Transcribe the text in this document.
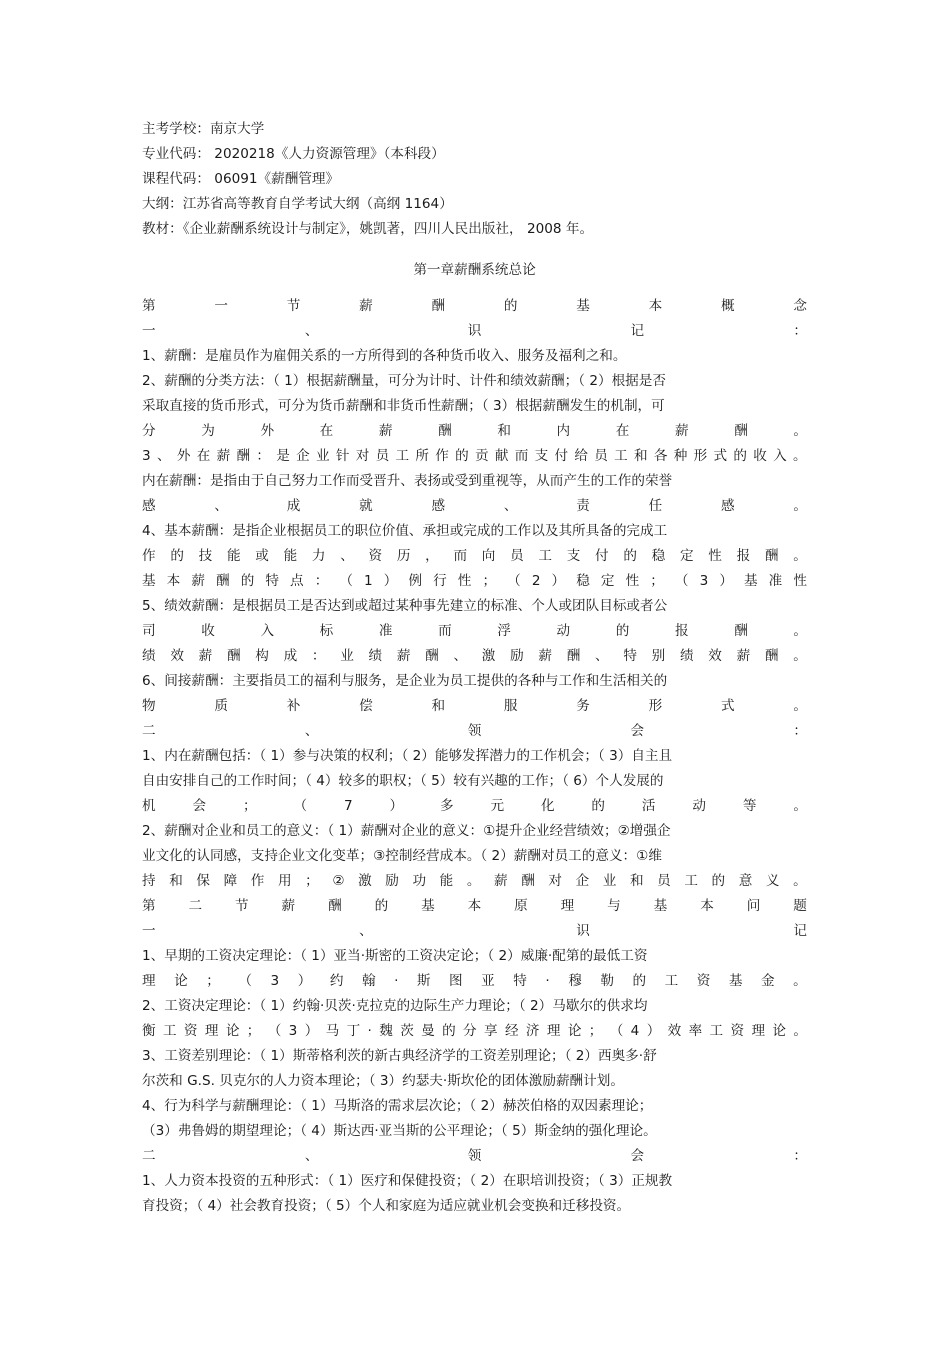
主考学校：南京大学
专业代码： 2020218《人力资源管理》（本科段）
课程代码： 06091《薪酬管理》
大纲：江苏省高等教育自学考试大纲（高纲 1164）
教材：《企业薪酬系统设计与制定》，姚凯著，四川人民出版社， 2008 年。
第一章薪酬系统总论
第	一	节	薪	酬	的	基	本	概	念
一	、	识	记	：
1、薪酬：是雇员作为雇佣关系的一方所得到的各种货币收入、服务及福利之和。
2、薪酬的分类方法：（ 1）根据薪酬量，可分为计时、计件和绩效薪酬；（ 2）根据是否
采取直接的货币形式，可分为货币薪酬和非货币性薪酬；（ 3）根据薪酬发生的机制，可
分	为	外	在	薪	酬	和	内	在	薪	酬	。
3 、 外 在 薪 酬 ： 是 企 业 针 对 员 工 所 作 的 贡 献 而 支 付 给 员 工 和 各 种 形 式 的 收 入 。
内在薪酬：是指由于自己努力工作而受晋升、表扬或受到重视等，从而产生的工作的荣誉
感	、	成	就	感	、	责	任	感	。
4、基本薪酬：是指企业根据员工的职位价值、承担或完成的工作以及其所具备的完成工
作 的 技 能 或 能 力 、 资 历 ， 而 向 员 工 支 付 的 稳 定 性 报 酬 。
基 本 薪 酬 的 特 点 ： （ 1 ） 例 行 性 ； （ 2 ） 稳 定 性 ； （ 3 ） 基 准 性
5、绩效薪酬：是根据员工是否达到或超过某种事先建立的标准、个人或团队目标或者公
司	收	入	标	准	而	浮	动	的	报	酬	。
绩 效 薪 酬 构 成 ： 业 绩 薪 酬 、 激 励 薪 酬 、 特 别 绩 效 薪 酬 。
6、间接薪酬：主要指员工的福利与服务，是企业为员工提供的各种与工作和生活相关的
物	质	补	偿	和	服	务	形	式	。
二	、	领	会	：
1、内在薪酬包括：（ 1）参与决策的权利；（ 2）能够发挥潜力的工作机会；（ 3）自主且
自由安排自己的工作时间；（ 4）较多的职权；（ 5）较有兴趣的工作；（ 6）个人发展的
机	会	；	（	7	）	多	元	化	的	活	动	等	。
2、薪酬对企业和员工的意义：（ 1）薪酬对企业的意义：①提升企业经营绩效；②增强企
业文化的认同感，支持企业文化变革；③控制经营成本。（ 2）薪酬对员工的意义：①维
持 和 保 障 作 用 ； ② 激 励 功 能 。 薪 酬 对 企 业 和 员 工 的 意 义 。
第 二 节 薪 酬 的 基 本 原 理 与 基 本 问 题
一	、	识	记
1、早期的工资决定理论：（ 1）亚当·斯密的工资决定论；（ 2）威廉·配第的最低工资
理 论 ； （ 3 ） 约 翰 · 斯 图 亚 特 · 穆 勒 的 工 资 基 金 。
2、工资决定理论：（ 1）约翰·贝茨·克拉克的边际生产力理论；（ 2）马歇尔的供求均
衡 工 资 理 论 ； （ 3 ） 马 丁 · 魏 茨 曼 的 分 享 经 济 理 论 ； （ 4 ） 效 率 工 资 理 论 。
3、工资差别理论：（ 1）斯蒂格利茨的新古典经济学的工资差别理论；（ 2）西奥多·舒
尔茨和 G.S. 贝克尔的人力资本理论；（ 3）约瑟夫·斯坎伦的团体激励薪酬计划。
4、行为科学与薪酬理论：（ 1）马斯洛的需求层次论；（ 2）赫茨伯格的双因素理论；
（3）弗鲁姆的期望理论；（ 4）斯达西·亚当斯的公平理论；（ 5）斯金纳的强化理论。
二	、	领	会	：
1、人力资本投资的五种形式：（ 1）医疗和保健投资；（ 2）在职培训投资；（ 3）正规教
育投资；（ 4）社会教育投资；（ 5）个人和家庭为适应就业机会变换和迁移投资。
